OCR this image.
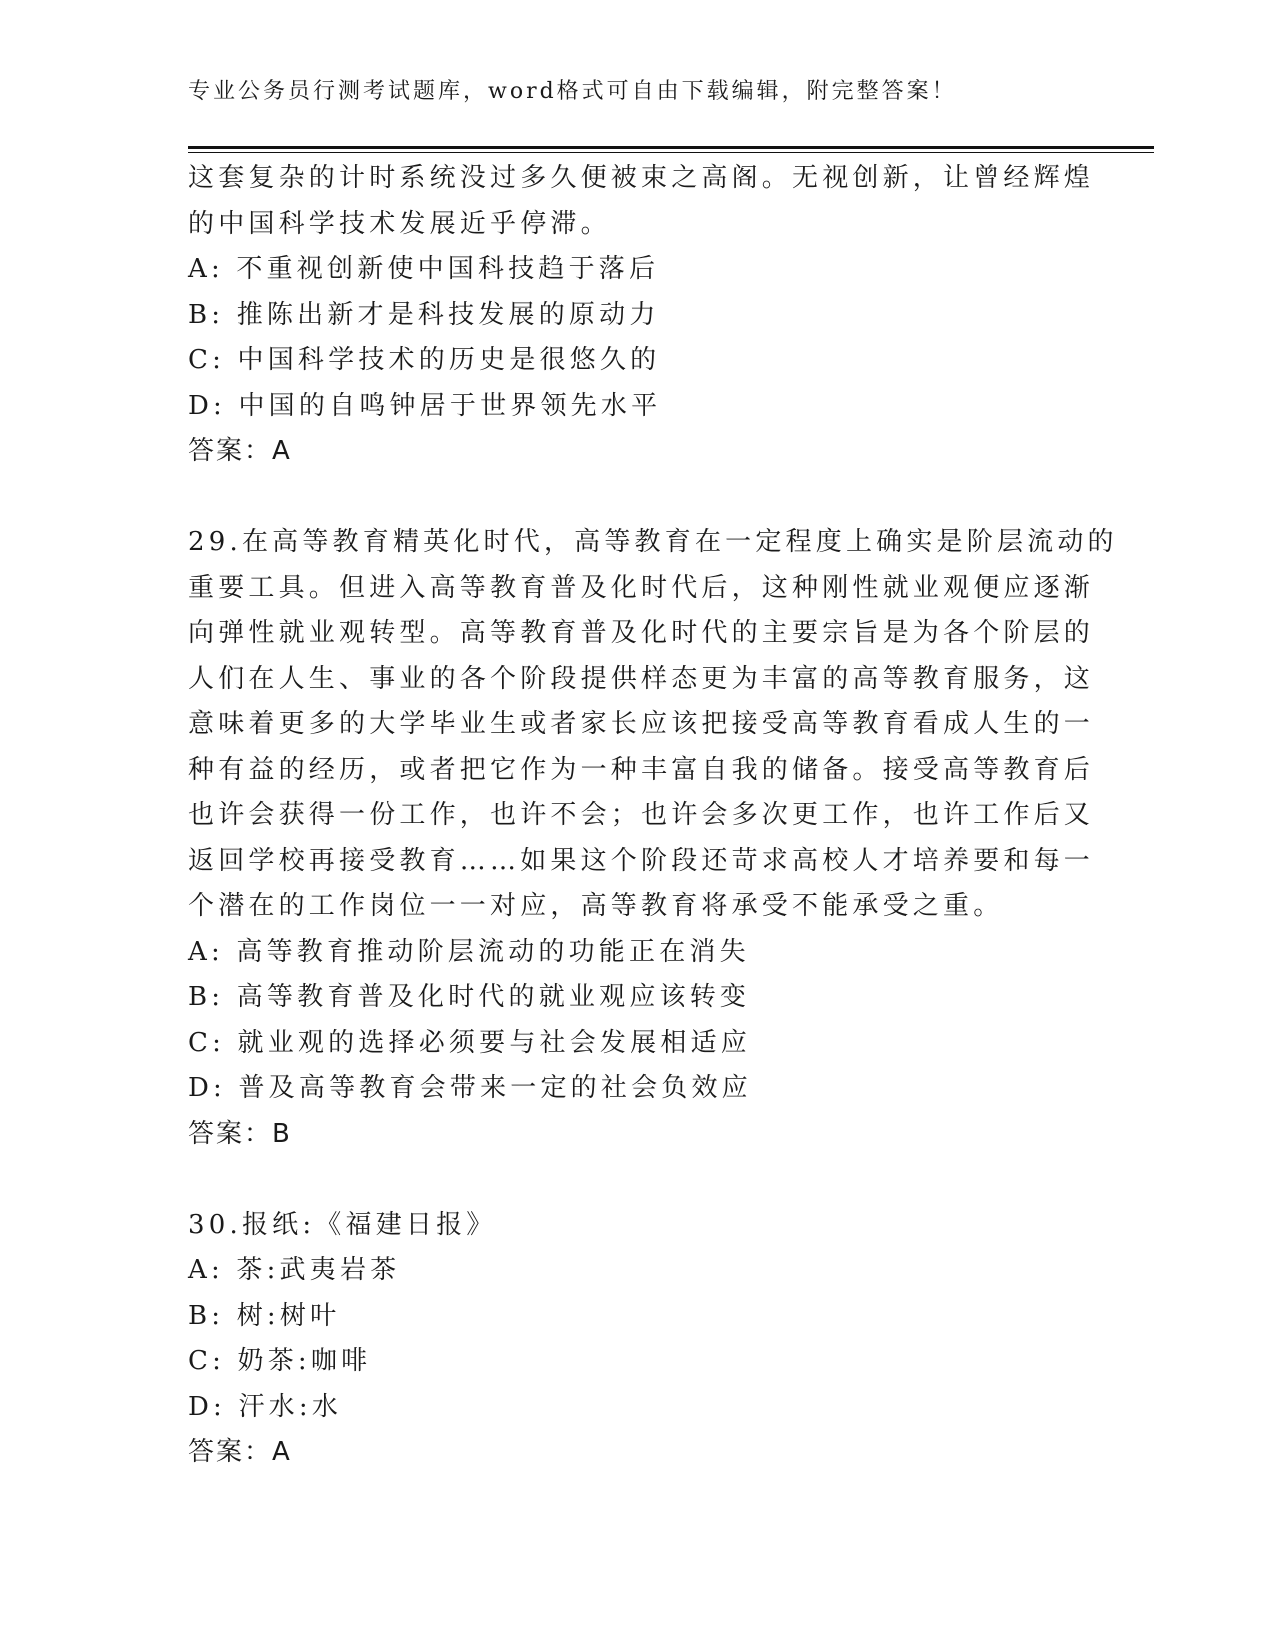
专业公务员行测考试题库，word格式可自由下载编辑，附完整答案！
这套复杂的计时系统没过多久便被束之高阁。无视创新，让曾经辉煌
的中国科学技术发展近乎停滞。
A: 不重视创新使中国科技趋于落后
B: 推陈出新才是科技发展的原动力
C: 中国科学技术的历史是很悠久的
D: 中国的自鸣钟居于世界领先水平
答案：A
29.在高等教育精英化时代，高等教育在一定程度上确实是阶层流动的
重要工具。但进入高等教育普及化时代后，这种刚性就业观便应逐渐
向弹性就业观转型。高等教育普及化时代的主要宗旨是为各个阶层的
人们在人生、事业的各个阶段提供样态更为丰富的高等教育服务，这
意味着更多的大学毕业生或者家长应该把接受高等教育看成人生的一
种有益的经历，或者把它作为一种丰富自我的储备。接受高等教育后
也许会获得一份工作，也许不会；也许会多次更工作，也许工作后又
返回学校再接受教育……如果这个阶段还苛求高校人才培养要和每一
个潜在的工作岗位一一对应，高等教育将承受不能承受之重。
A: 高等教育推动阶层流动的功能正在消失
B: 高等教育普及化时代的就业观应该转变
C: 就业观的选择必须要与社会发展相适应
D: 普及高等教育会带来一定的社会负效应
答案：B
30.报纸:《福建日报》
A: 茶:武夷岩茶
B: 树:树叶
C: 奶茶:咖啡
D: 汗水:水
答案：A
